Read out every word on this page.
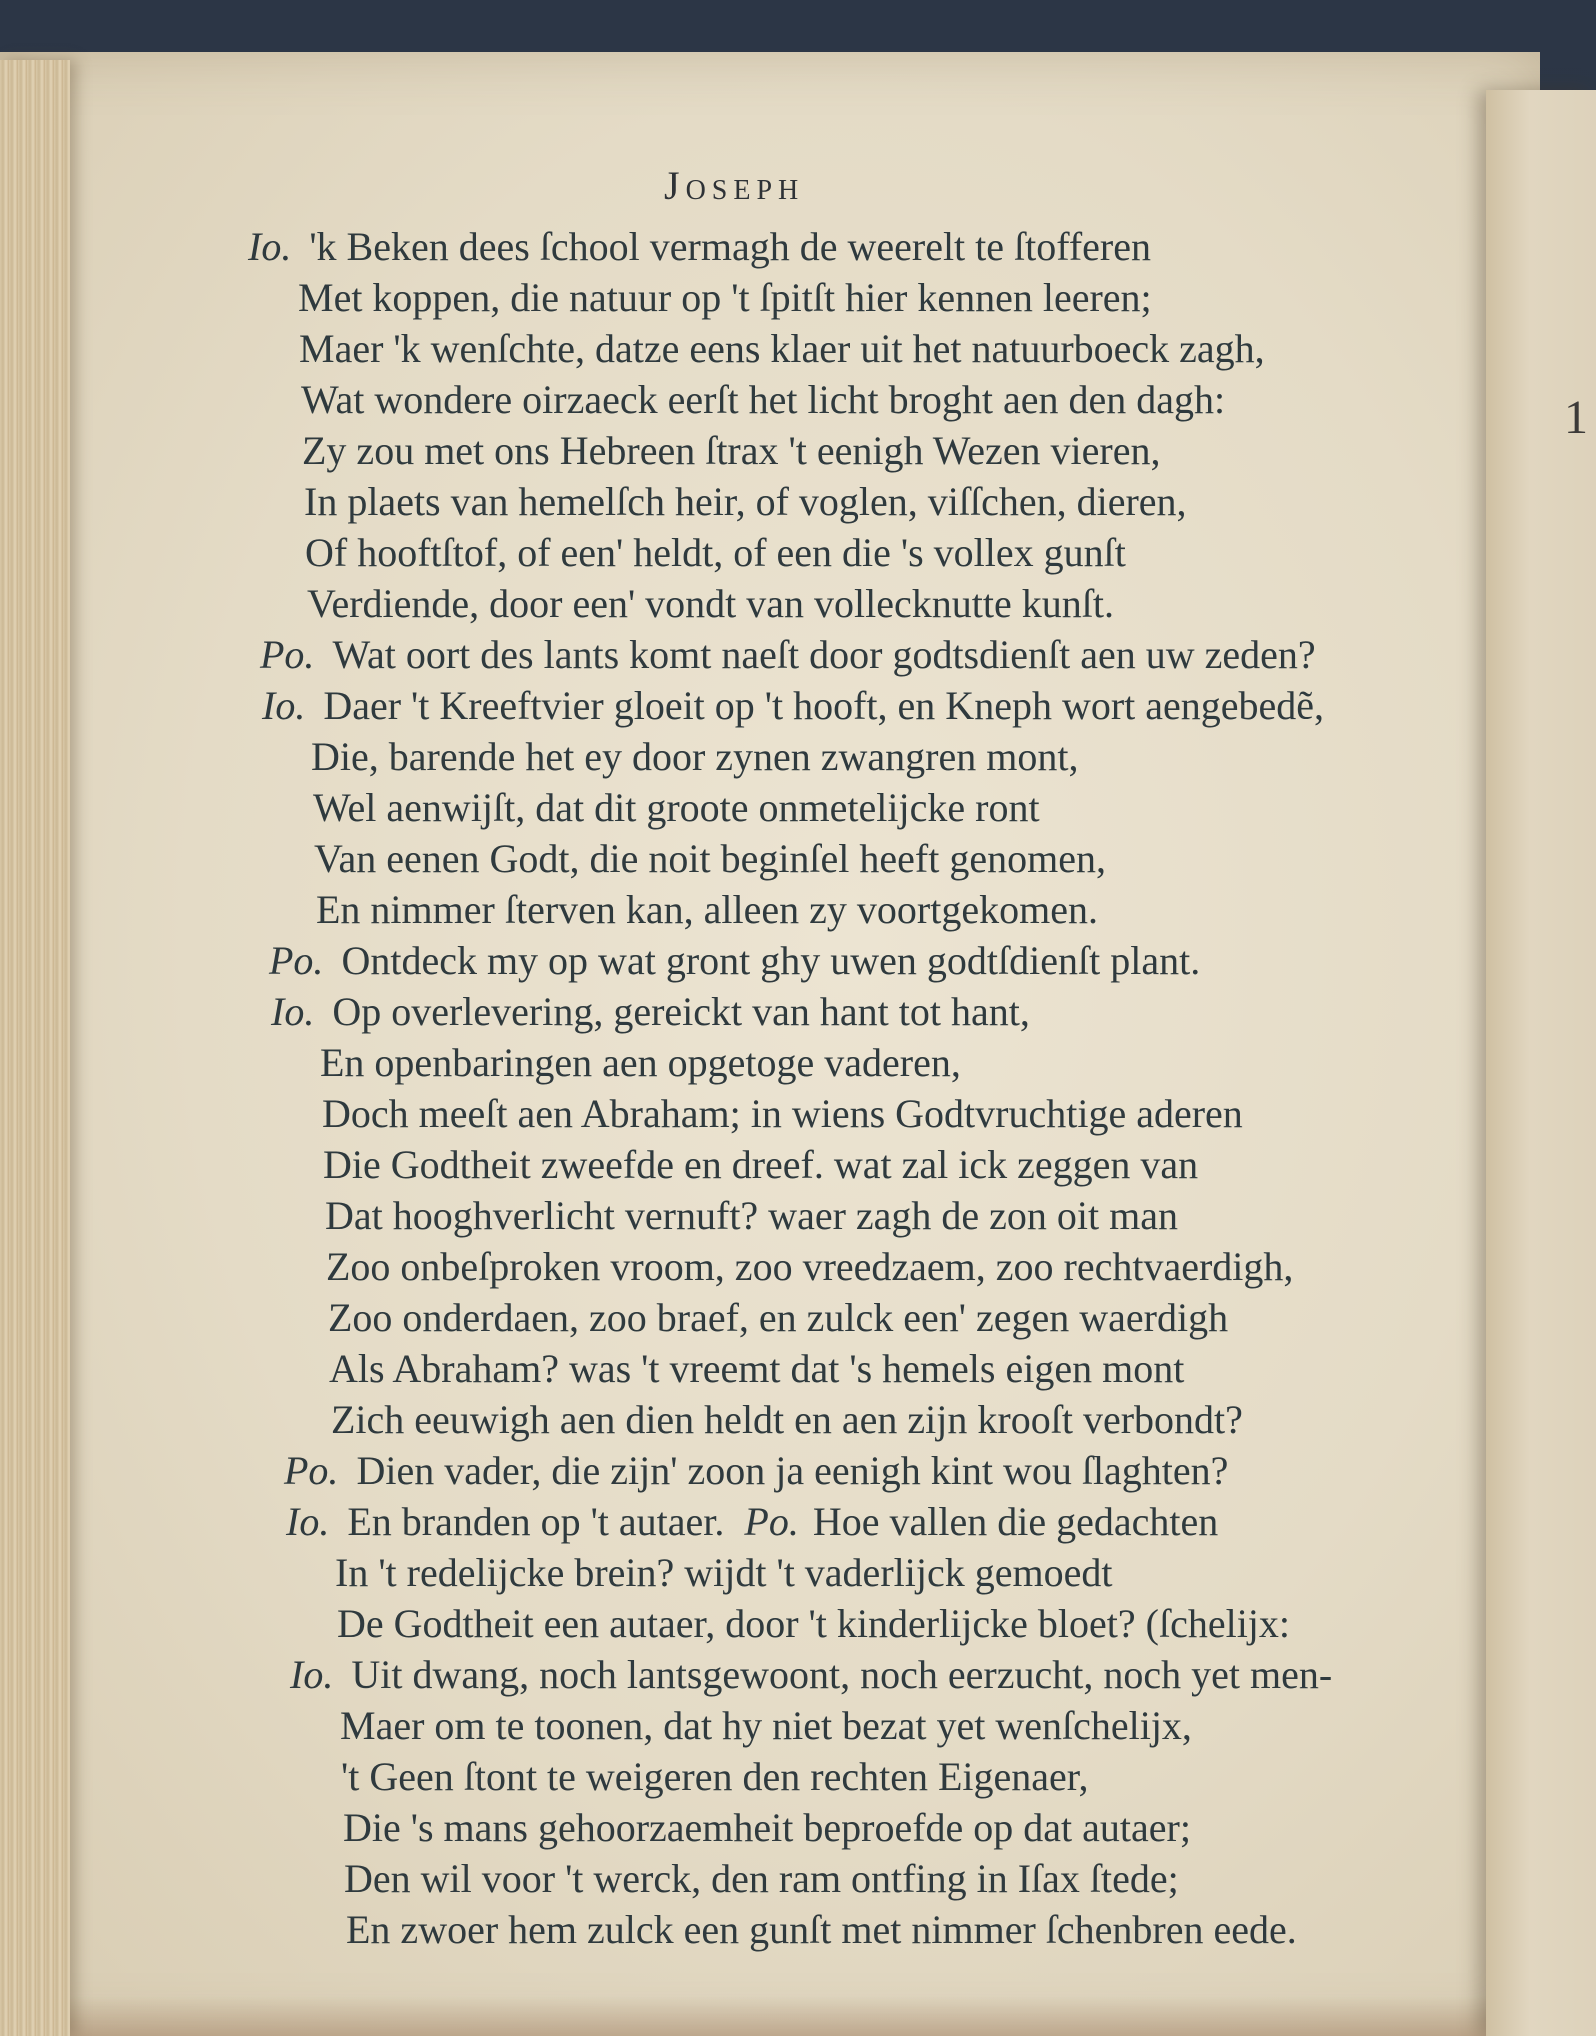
Joseph
Io. 'k Beken dees ſchool vermagh de weerelt te ſtofferen
Met koppen, die natuur op 't ſpitſt hier kennen leeren;
Maer 'k wenſchte, datze eens klaer uit het natuurboeck zagh,
Wat wondere oirzaeck eerſt het licht broght aen den dagh:
Zy zou met ons Hebreen ſtrax 't eenigh Wezen vieren,
In plaets van hemelſch heir, of voglen, viſſchen, dieren,
Of hooftſtof, of een' heldt, of een die 's vollex gunſt
Verdiende, door een' vondt van vollecknutte kunſt.
Po. Wat oort des lants komt naeſt door godtsdienſt aen uw zeden?
Io. Daer 't Kreeftvier gloeit op 't hooft, en Kneph wort aengebedẽ,
Die, barende het ey door zynen zwangren mont,
Wel aenwijſt, dat dit groote onmetelijcke ront
Van eenen Godt, die noit beginſel heeft genomen,
En nimmer ſterven kan, alleen zy voortgekomen.
Po. Ontdeck my op wat gront ghy uwen godtſdienſt plant.
Io. Op overlevering, gereickt van hant tot hant,
En openbaringen aen opgetoge vaderen,
Doch meeſt aen Abraham; in wiens Godtvruchtige aderen
Die Godtheit zweefde en dreef. wat zal ick zeggen van
Dat hooghverlicht vernuft? waer zagh de zon oit man
Zoo onbeſproken vroom, zoo vreedzaem, zoo rechtvaerdigh,
Zoo onderdaen, zoo braef, en zulck een' zegen waerdigh
Als Abraham? was 't vreemt dat 's hemels eigen mont
Zich eeuwigh aen dien heldt en aen zijn krooſt verbondt?
Po. Dien vader, die zijn' zoon ja eenigh kint wou ſlaghten?
Io. En branden op 't autaer. Po. Hoe vallen die gedachten
In 't redelijcke brein? wijdt 't vaderlijck gemoedt
De Godtheit een autaer, door 't kinderlijcke bloet? (ſchelijx:
Io. Uit dwang, noch lantsgewoont, noch eerzucht, noch yet men-
Maer om te toonen, dat hy niet bezat yet wenſchelijx,
't Geen ſtont te weigeren den rechten Eigenaer,
Die 's mans gehoorzaemheit beproefde op dat autaer;
Den wil voor 't werck, den ram ontfing in Iſax ſtede;
En zwoer hem zulck een gunſt met nimmer ſchenbren eede.
1
